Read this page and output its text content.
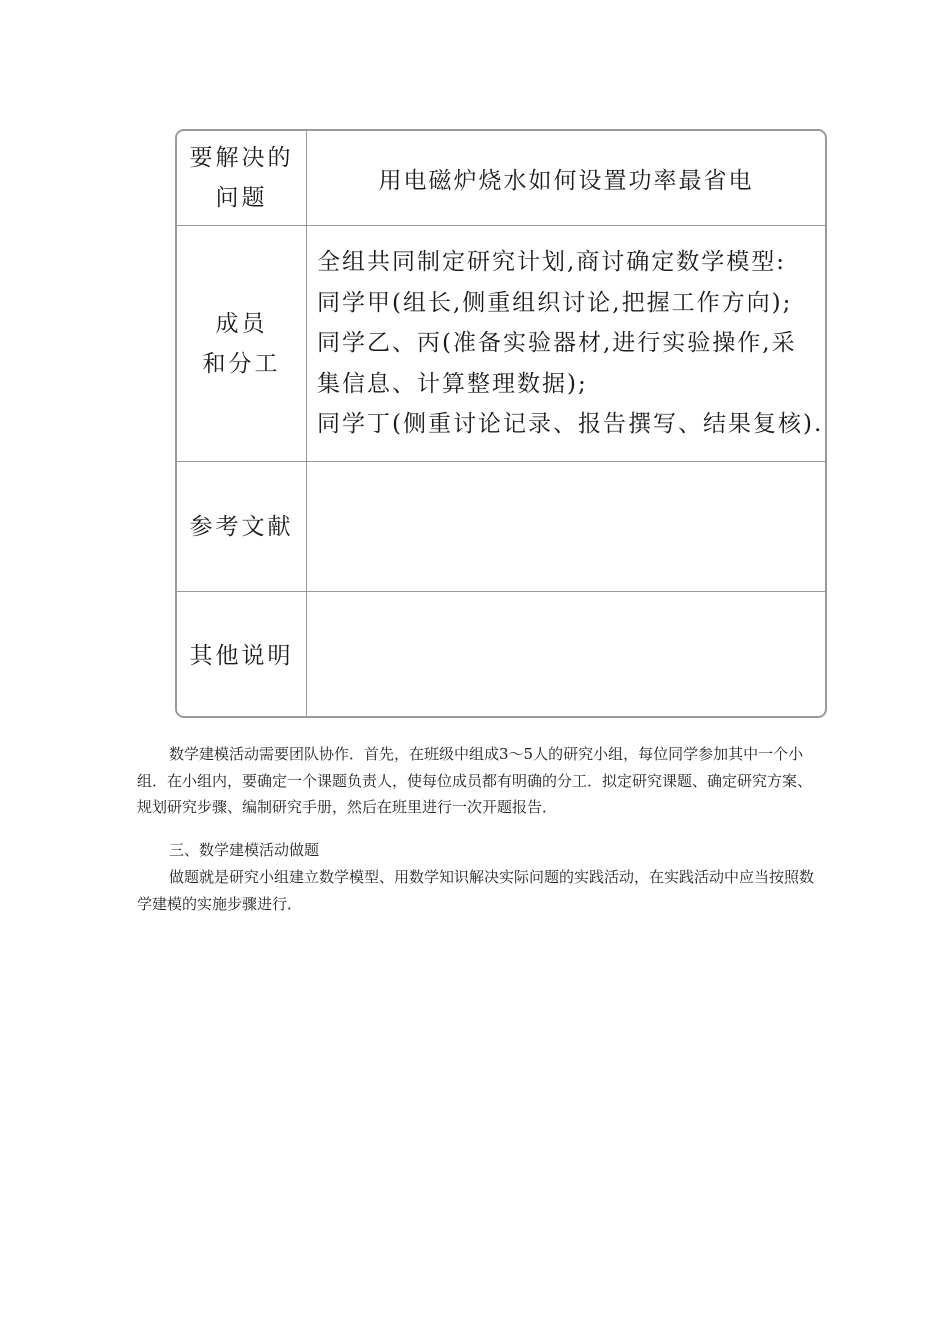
要解决的
问题
用电磁炉烧水如何设置功率最省电
成员
和分工
全组共同制定研究计划,商讨确定数学模型:
同学甲(组长,侧重组织讨论,把握工作方向);
同学乙、丙(准备实验器材,进行实验操作,采
集信息、计算整理数据);
同学丁(侧重讨论记录、报告撰写、结果复核).
参考文献
其他说明

数学建模活动需要团队协作．首先，在班级中组成3～5人的研究小组，每位同学参加其中一个小组．在小组内，要确定一个课题负责人，使每位成员都有明确的分工．拟定研究课题、确定研究方案、规划研究步骤、编制研究手册，然后在班里进行一次开题报告．

三、数学建模活动做题

做题就是研究小组建立数学模型、用数学知识解决实际问题的实践活动，在实践活动中应当按照数学建模的实施步骤进行．
